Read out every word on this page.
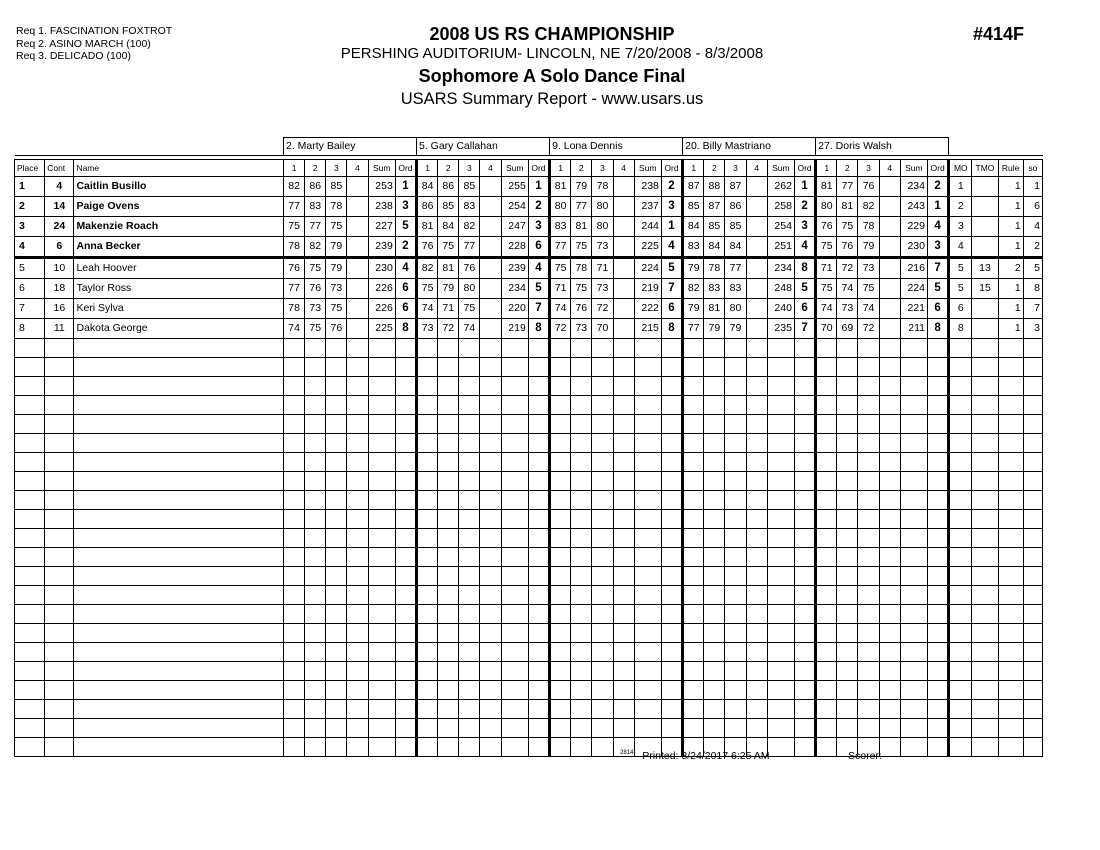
Req 1. FASCINATION FOXTROT
Req 2. ASINO MARCH (100)
Req 3. DELICADO (100)
2008 US RS CHAMPIONSHIP
PERSHING AUDITORIUM- LINCOLN, NE 7/20/2008 - 8/3/2008
Sophomore A Solo Dance Final
USARS Summary Report - www.usars.us
#414F
			2. Marty Bailey						5. Gary Callahan						9. Lona Dennis						20. Billy Mastriano						27. Doris Walsh									

Place	Cont	Name	1	2	3	4	Sum	Ord	1	2	3	4	Sum	Ord	1	2	3	4	Sum	Ord	1	2	3	4	Sum	Ord	1	2	3	4	Sum	Ord	MO	TMO	Rule	so
1	4	Caitlin Busillo	82	86	85		253	1	84	86	85		255	1	81	79	78		238	2	87	88	87		262	1	81	77	76		234	2	1		1	1
2	14	Paige Ovens	77	83	78		238	3	86	85	83		254	2	80	77	80		237	3	85	87	86		258	2	80	81	82		243	1	2		1	6
3	24	Makenzie Roach	75	77	75		227	5	81	84	82		247	3	83	81	80		244	1	84	85	85		254	3	76	75	78		229	4	3		1	4
4	6	Anna Becker	78	82	79		239	2	76	75	77		228	6	77	75	73		225	4	83	84	84		251	4	75	76	79		230	3	4		1	2
5	10	Leah Hoover	76	75	79		230	4	82	81	76		239	4	75	78	71		224	5	79	78	77		234	8	71	72	73		216	7	5	13	2	5
6	18	Taylor Ross	77	76	73		226	6	75	79	80		234	5	71	75	73		219	7	82	83	83		248	5	75	74	75		224	5	5	15	1	8
7	16	Keri Sylva	78	73	75		226	6	74	71	75		220	7	74	76	72		222	6	79	81	80		240	6	74	73	74		221	6	6		1	7
8	11	Dakota George	74	75	76		225	8	73	72	74		219	8	72	73	70		215	8	77	79	79		235	7	70	69	72		211	8	8		1	3

$^{2814}$ Printed: 3/24/2017 6:25 AM	Scorer:
